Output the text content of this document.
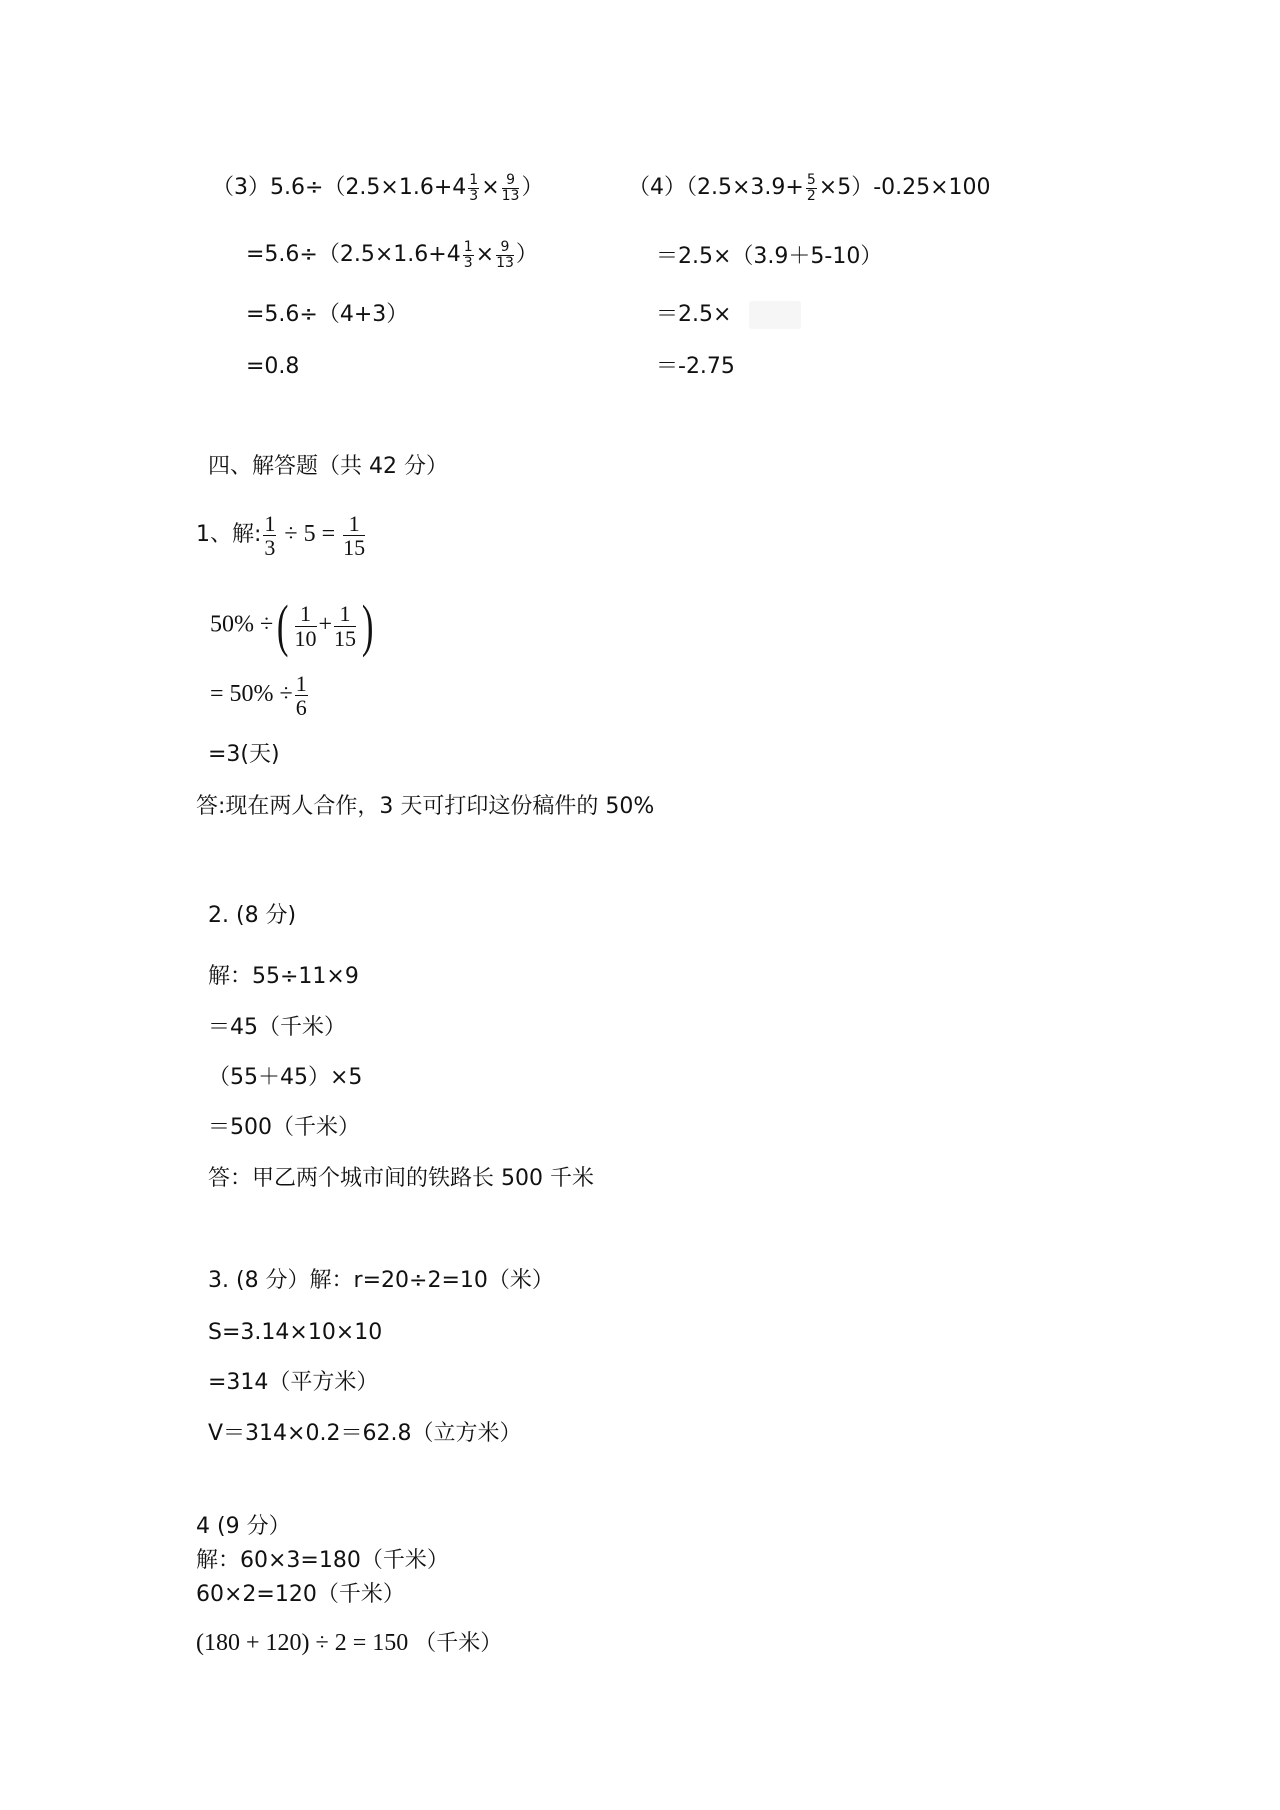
$(3)5.6\div(2.5\times 1.6+4 \frac{1}{3} \times \frac{9}{13}$ ）
$=5.6\div(2.5\times 1.6+4 \frac{1}{3} \times \frac{9}{13}$ ）
=5.6÷（4+3）
=0.8
$(4)(2.5\times 3.9+ \frac{5}{2} \times 5)-0.25\times 100$
＝2.5×（3.9＋5-10）
＝2.5×
＝-2.75
四、解答题（共 42 分）
1、解: $\frac{1}{3} \div 5 = \frac{1}{15}$
50% ÷( $\frac{1}{10} + \frac{1}{15}$ )
= $50\% \div \frac{1}{6}$
=3(天)
答:现在两人合作，3 天可打印这份稿件的 50%
2. (8 分)
解：55÷11×9
＝45（千米）
（55＋45）×5
＝500（千米）
答：甲乙两个城市间的铁路长 500 千米
3. (8 分）解：r=20÷2=10（米）
S=3.14×10×10
=314（平方米）
V＝314×0.2＝62.8（立方米）
4 (9 分）
解：60×3=180（千米）
60×2=120（千米）
(180 + 120) ÷ 2 = 150 （千米）
